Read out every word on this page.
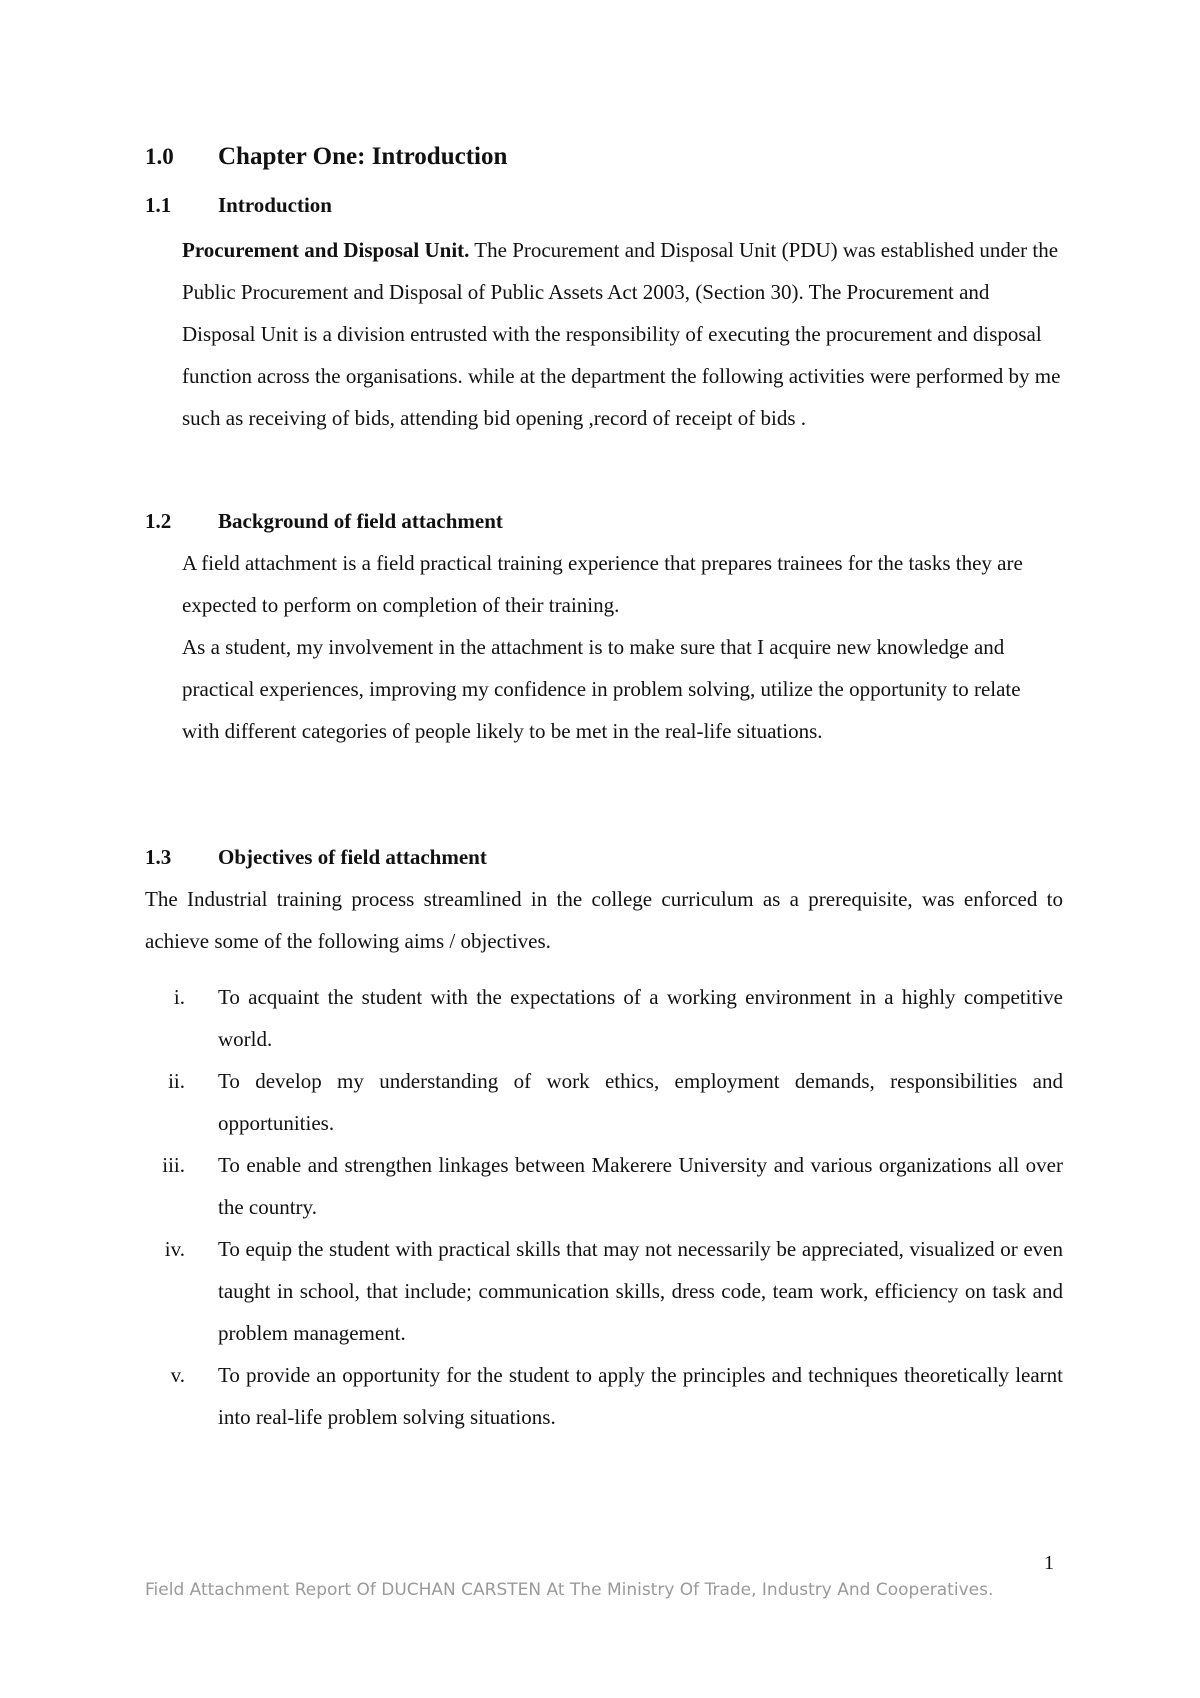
1.0 Chapter One: Introduction
1.1 Introduction
Procurement and Disposal Unit. The Procurement and Disposal Unit (PDU) was established under the Public Procurement and Disposal of Public Assets Act 2003, (Section 30). The Procurement and Disposal Unit is a division entrusted with the responsibility of executing the procurement and disposal function across the organisations. while at the department the following activities were performed by me such as receiving of bids, attending bid opening ,record of receipt of bids .
1.2 Background of field attachment
A field attachment is a field practical training experience that prepares trainees for the tasks they are expected to perform on completion of their training.
As a student, my involvement in the attachment is to make sure that I acquire new knowledge and practical experiences, improving my confidence in problem solving, utilize the opportunity to relate with different categories of people likely to be met in the real-life situations.
1.3 Objectives of field attachment
The Industrial training process streamlined in the college curriculum as a prerequisite, was enforced to achieve some of the following aims / objectives.
i. To acquaint the student with the expectations of a working environment in a highly competitive world.
ii. To develop my understanding of work ethics, employment demands, responsibilities and opportunities.
iii. To enable and strengthen linkages between Makerere University and various organizations all over the country.
iv. To equip the student with practical skills that may not necessarily be appreciated, visualized or even taught in school, that include; communication skills, dress code, team work, efficiency on task and problem management.
v. To provide an opportunity for the student to apply the principles and techniques theoretically learnt into real-life problem solving situations.
1
Field Attachment Report Of DUCHAN CARSTEN At The Ministry Of Trade, Industry And Cooperatives.
